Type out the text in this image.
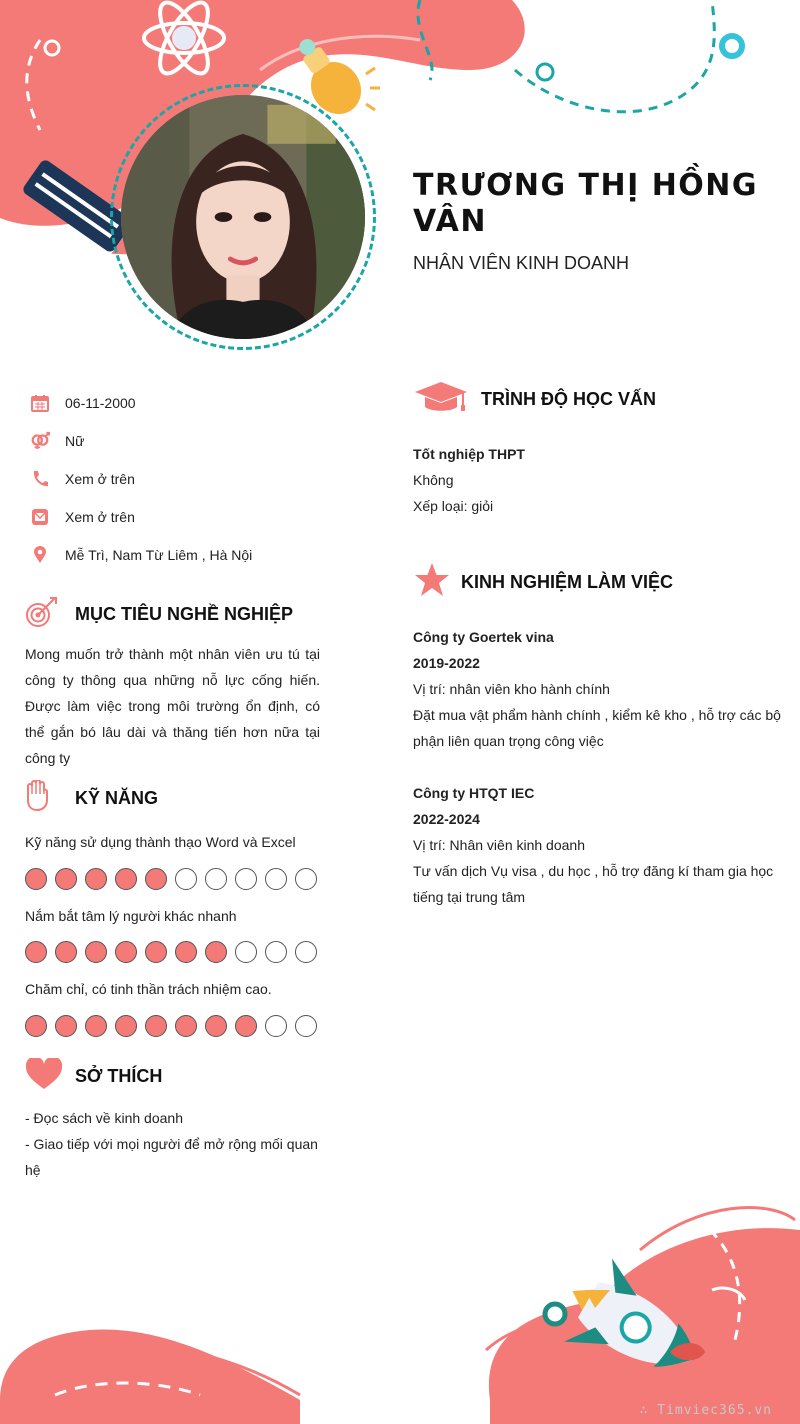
TRƯƠNG THỊ HỒNG VÂN
NHÂN VIÊN KINH DOANH
06-11-2000
Nữ
Xem ở trên
Xem ở trên
Mễ Trì, Nam Từ Liêm , Hà Nội
MỤC TIÊU NGHỀ NGHIỆP
Mong muốn trở thành một nhân viên ưu tú tại công ty thông qua những nỗ lực cống hiến. Được làm việc trong môi trường ổn định, có thể gắn bó lâu dài và thăng tiến hơn nữa tại công ty
KỸ NĂNG
Kỹ năng sử dụng thành thạo Word và Excel
Nắm bắt tâm lý người khác nhanh
Chăm chỉ, có tinh thần trách nhiệm cao.
SỞ THÍCH
- Đọc sách về kinh doanh
- Giao tiếp với mọi người để mở rộng mối quan hệ
TRÌNH ĐỘ HỌC VẤN
Tốt nghiệp THPT
Không
Xếp loại: giỏi
KINH NGHIỆM LÀM VIỆC
Công ty Goertek vina
2019-2022
Vị trí: nhân viên kho hành chính
Đặt mua vật phẩm hành chính , kiểm kê kho , hỗ trợ các bộ phận liên quan trọng công việc
Công ty HTQT IEC
2022-2024
Vị trí: Nhân viên kinh doanh
Tư vấn dịch Vụ visa , du học , hỗ trợ đăng kí tham gia học tiếng tại trung tâm
∴ Timviec365.vn
